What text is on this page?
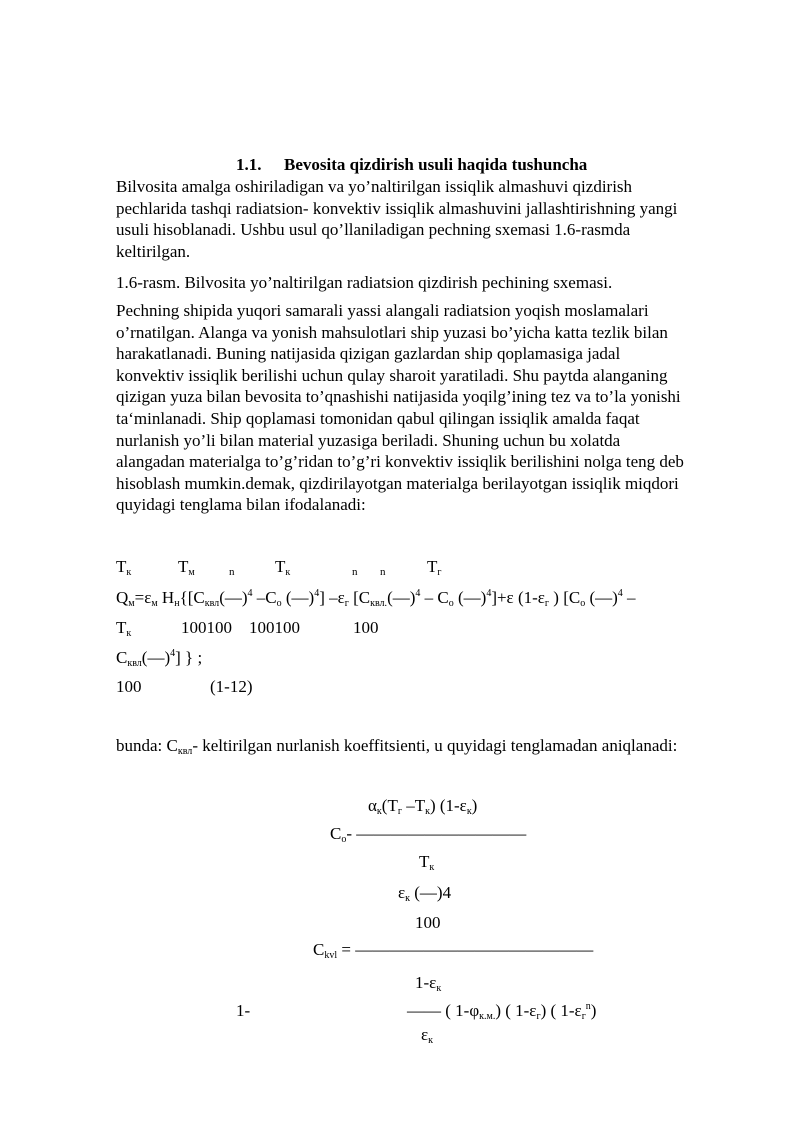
1.1. Bevosita qizdirish usuli haqida tushuncha
Bilvosita amalga oshiriladigan va yo’naltirilgan issiqlik almashuvi qizdirish
pechlarida tashqi radiatsion- konvektiv issiqlik almashuvini jallashtirishning yangi
usuli hisoblanadi. Ushbu usul qo’llaniladigan pechning sxemasi 1.6-rasmda
keltirilgan.
1.6-rasm. Bilvosita yo’naltirilgan radiatsion qizdirish pechining sxemasi.
Pechning shipida yuqori samarali yassi alangali radiatsion yoqish moslamalari
o’rnatilgan. Alanga va yonish mahsulotlari ship yuzasi bo’yicha katta tezlik bilan
harakatlanadi. Buning natijasida qizigan gazlardan ship qoplamasiga jadal
konvektiv issiqlik berilishi uchun qulay sharoit yaratiladi. Shu paytda alanganing
qizigan yuza bilan bevosita to’qnashishi natijasida yoqilg’ining tez va to’la yonishi
ta‘minlanadi. Ship qoplamasi tomonidan qabul qilingan issiqlik amalda faqat
nurlanish yo’li bilan material yuzasiga beriladi. Shuning uchun bu xolatda
alangadan materialga to’g’ridan to’g’ri konvektiv issiqlik berilishini nolga teng deb
hisoblash mumkin.demak, qizdirilayotgan materialga berilayotgan issiqlik miqdori
quyidagi tenglama bilan ifodalanadi:
$T_к$	$T_м$	n $T_к$	n n $T_г$
$Q_м=\varepsilon_м$ $H_н\{[C_{квл}(—)^4$ $-C_o$ (—)$^4$] $-\varepsilon_г$ [$C_{квл.}(—)^4 - C_o$ (—)$^4$]+ε ($1-\varepsilon_г$ ) [$C_o$ (—)$^4$ –
$T_к$	100100    100100	100
$C_{квл}(—)^4$] } ;
100	(1-12)
bunda: $C_{квл}-$ keltirilgan nurlanish koeffitsienti, u quyidagi tenglamadan aniqlanadi:
$\alpha_к(T_г$ $-T_к$) $(1-\varepsilon_к)$
$C_o-$ ——————————
$T_к$
$\varepsilon_к$ (—)4
100
$C_{kvl}$ = ——————————————
$1-\varepsilon_к$
1-	—— ( $1-\varphi_{к.м.}$) ( $1-\varepsilon_г$) ( $1-\varepsilon_г^n$)
$\varepsilon_к$
